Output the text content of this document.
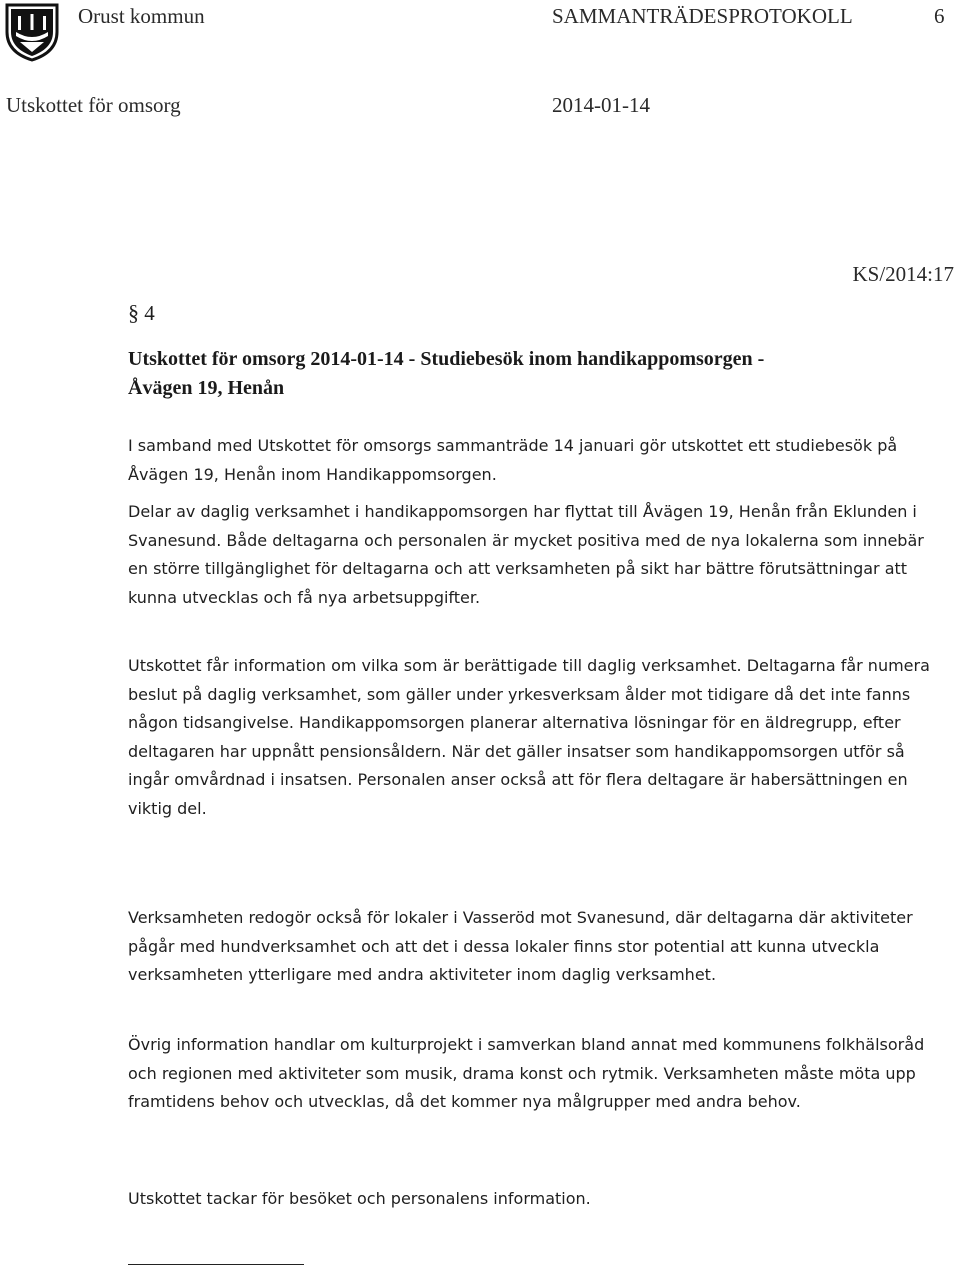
Orust kommun	SAMMANTRÄDESPROTOKOLL	6
Utskottet för omsorg	2014-01-14
KS/2014:17
§ 4
Utskottet för omsorg 2014-01-14 - Studiebesök inom handikappomsorgen -
Åvägen 19, Henån

I samband med Utskottet för omsorgs sammanträde 14 januari gör utskottet ett studiebesök på Åvägen 19, Henån inom Handikappomsorgen.

Delar av daglig verksamhet i handikappomsorgen har flyttat till Åvägen 19, Henån från Eklunden i Svanesund. Både deltagarna och personalen är mycket positiva med de nya lokalerna som innebär en större tillgänglighet för deltagarna och att verksamheten på sikt har bättre förutsättningar att kunna utvecklas och få nya arbetsuppgifter.

Utskottet får information om vilka som är berättigade till daglig verksamhet. Deltagarna får numera beslut på daglig verksamhet, som gäller under yrkesverksam ålder mot tidigare då det inte fanns någon tidsangivelse. Handikappomsorgen planerar alternativa lösningar för en äldregrupp, efter deltagaren har uppnått pensionsåldern. När det gäller insatser som handikappomsorgen utför så ingår omvårdnad i insatsen. Personalen anser också att för flera deltagare är habersättningen en viktig del.

Verksamheten redogör också för lokaler i Vasseröd mot Svanesund, där deltagarna där aktiviteter pågår med hundverksamhet och att det i dessa lokaler finns stor potential att kunna utveckla verksamheten ytterligare med andra aktiviteter inom daglig verksamhet.

Övrig information handlar om kulturprojekt i samverkan bland annat med kommunens folkhälsoråd och regionen med aktiviteter som musik, drama konst och rytmik. Verksamheten måste möta upp framtidens behov och utvecklas, då det kommer nya målgrupper med andra behov.

Utskottet tackar för besöket och personalens information.
